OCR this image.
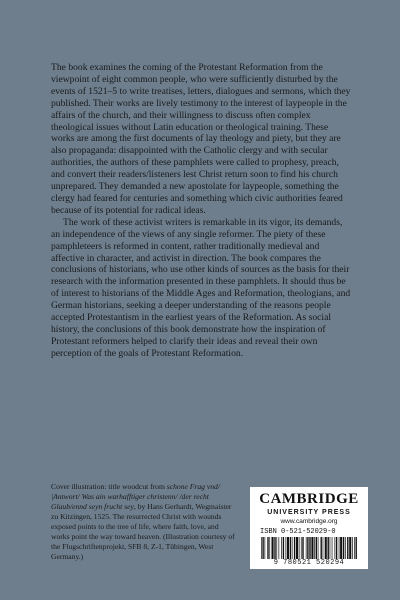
The book examines the coming of the Protestant Reformation from the viewpoint of eight common people, who were sufficiently disturbed by the events of 1521–5 to write treatises, letters, dialogues and sermons, which they published. Their works are lively testimony to the interest of laypeople in the affairs of the church, and their willingness to discuss often complex theological issues without Latin education or theological training. These works are among the first documents of lay theology and piety, but they are also propaganda: disappointed with the Catholic clergy and with secular authorities, the authors of these pamphlets were called to prophesy, preach, and convert their readers/listeners lest Christ return soon to find his church unprepared. They demanded a new apostolate for laypeople, something the clergy had feared for centuries and something which civic authorities feared because of its potential for radical ideas.

The work of these activist writers is remarkable in its vigor, its demands, an independence of the views of any single reformer. The piety of these pamphleteers is reformed in content, rather traditionally medieval and affective in character, and activist in direction. The book compares the conclusions of historians, who use other kinds of sources as the basis for their research with the information presented in these pamphlets. It should thus be of interest to historians of the Middle Ages and Reformation, theologians, and German historians, seeking a deeper understanding of the reasons people accepted Protestantism in the earliest years of the Reformation. As social history, the conclusions of this book demonstrate how the inspiration of Protestant reformers helped to clarify their ideas and reveal their own perception of the goals of Protestant Reformation.

Cover illustration: title woodcut from schone Frag vnd/ |Antwort/ Was ain warhafftiger christenn/ /der recht Glaub/ennd seyn frucht sey, by Hans Gerhardt, Wegmaister zu Kitzingen, 1525. The resurrected Christ with wounds exposed points to the tree of life, where faith, love, and works point the way toward heaven. (Illustration courtesy of the Flugschriftenprojekt, SFB 8, Z-1, Tübingen, West Germany.)
CAMBRIDGE
UNIVERSITY PRESS
www.cambridge.org
ISBN 0-521-52029-0
9 780521 520294
